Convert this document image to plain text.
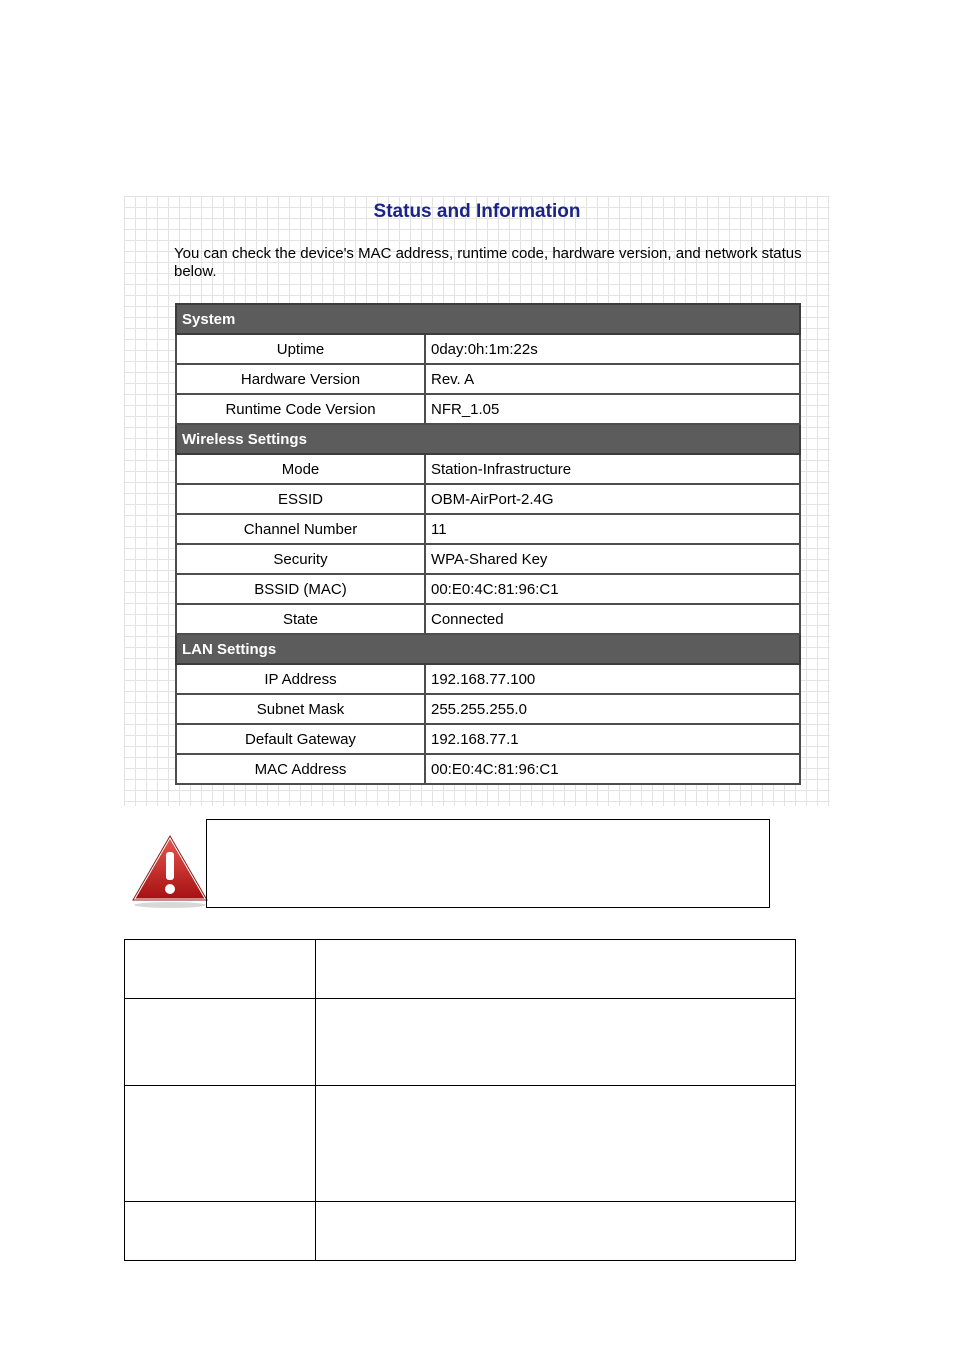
Status and Information
You can check the device's MAC address, runtime code, hardware version, and network status below.
System	
Uptime	0day:0h:1m:22s
Hardware Version	Rev. A
Runtime Code Version	NFR_1.05
Wireless Settings	
Mode	Station-Infrastructure
ESSID	OBM-AirPort-2.4G
Channel Number	11
Security	WPA-Shared Key
BSSID (MAC)	00:E0:4C:81:96:C1
State	Connected
LAN Settings	
IP Address	192.168.77.100
Subnet Mask	255.255.255.0
Default Gateway	192.168.77.1
MAC Address	00:E0:4C:81:96:C1
